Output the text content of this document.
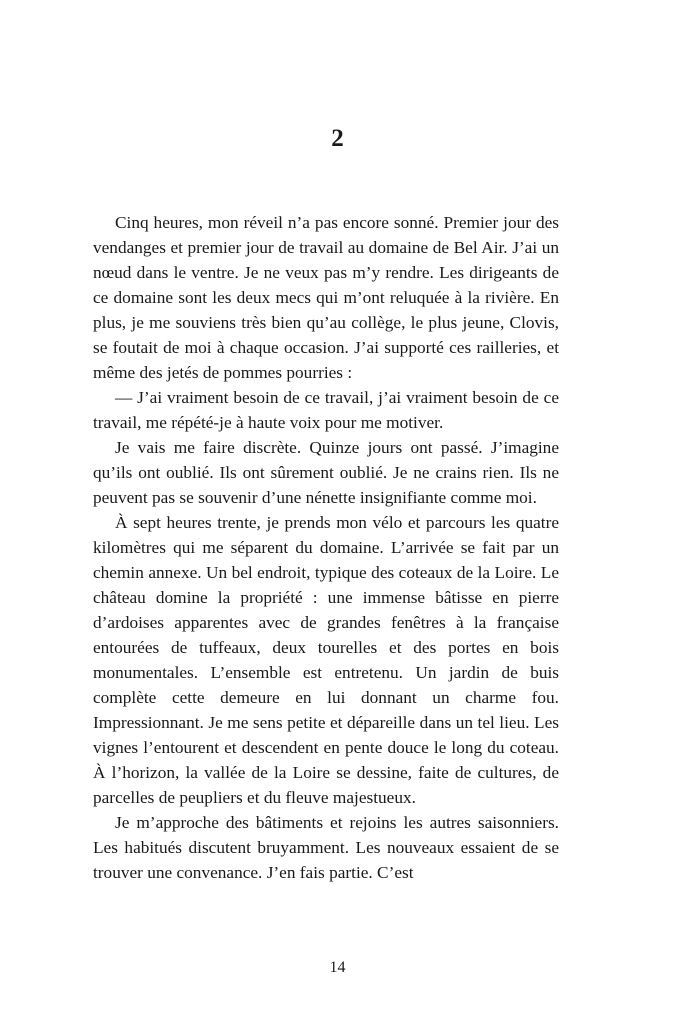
2

Cinq heures, mon réveil n’a pas encore sonné. Premier jour des vendanges et premier jour de travail au domaine de Bel Air. J’ai un nœud dans le ventre. Je ne veux pas m’y rendre. Les dirigeants de ce domaine sont les deux mecs qui m’ont reluquée à la rivière. En plus, je me souviens très bien qu’au collège, le plus jeune, Clovis, se foutait de moi à chaque occasion. J’ai supporté ces railleries, et même des jetés de pommes pourries :

— J’ai vraiment besoin de ce travail, j’ai vraiment besoin de ce travail, me répété-je à haute voix pour me motiver.

Je vais me faire discrète. Quinze jours ont passé. J’imagine qu’ils ont oublié. Ils ont sûrement oublié. Je ne crains rien. Ils ne peuvent pas se souvenir d’une nénette insignifiante comme moi.

À sept heures trente, je prends mon vélo et parcours les quatre kilomètres qui me séparent du domaine. L’arrivée se fait par un chemin annexe. Un bel endroit, typique des coteaux de la Loire. Le château domine la propriété : une immense bâtisse en pierre d’ardoises apparentes avec de grandes fenêtres à la française entourées de tuffeaux, deux tourelles et des portes en bois monumentales. L’ensemble est entretenu. Un jardin de buis complète cette demeure en lui donnant un charme fou. Impressionnant. Je me sens petite et dépareille dans un tel lieu. Les vignes l’entourent et descendent en pente douce le long du coteau. À l’horizon, la vallée de la Loire se dessine, faite de cultures, de parcelles de peupliers et du fleuve majestueux.

Je m’approche des bâtiments et rejoins les autres saisonniers. Les habitués discutent bruyamment. Les nouveaux essaient de se trouver une convenance. J’en fais partie. C’est

14
